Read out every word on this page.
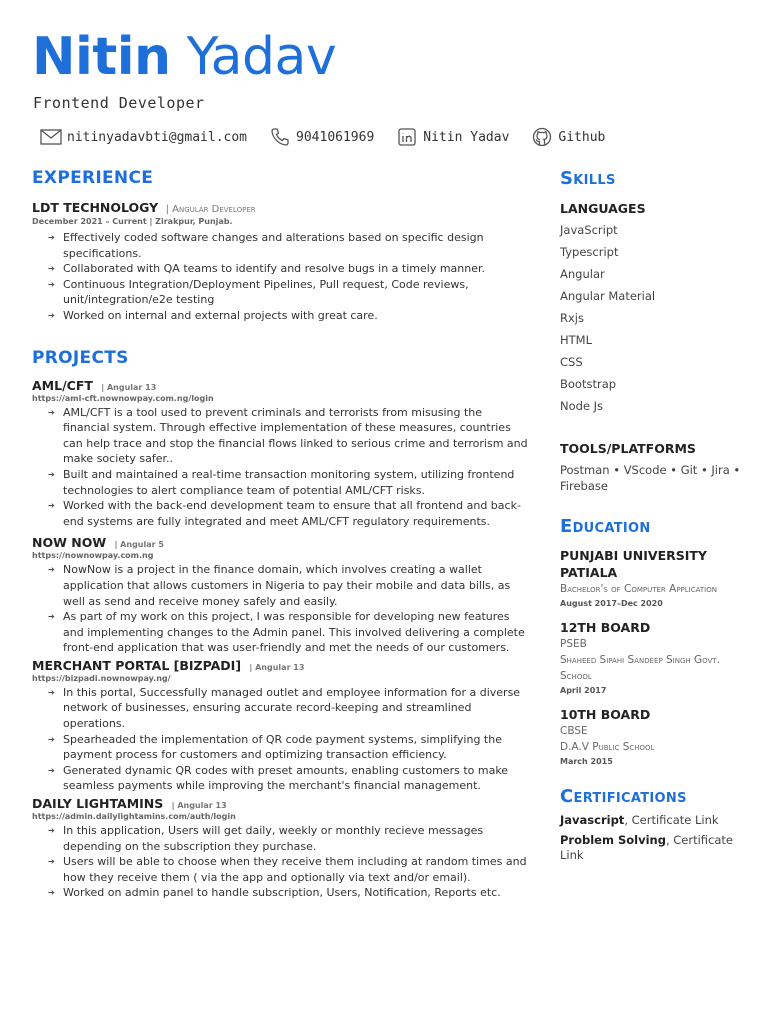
Nitin Yadav
Frontend Developer
nitinyadavbti@gmail.com	9041061969	Nitin Yadav	Github
EXPERIENCE
LDT TECHNOLOGY | Angular Developer
December 2021 – Current | Zirakpur, Punjab.
➔ Effectively coded software changes and alterations based on specific design specifications.
➔ Collaborated with QA teams to identify and resolve bugs in a timely manner.
➔ Continuous Integration/Deployment Pipelines, Pull request, Code reviews, unit/integration/e2e testing
➔ Worked on internal and external projects with great care.
PROJECTS
AML/CFT | Angular 13
https://aml-cft.nownowpay.com.ng/login
➔ AML/CFT is a tool used to prevent criminals and terrorists from misusing the financial system. Through effective implementation of these measures, countries can help trace and stop the financial flows linked to serious crime and terrorism and make society safer..
➔ Built and maintained a real-time transaction monitoring system, utilizing frontend technologies to alert compliance team of potential AML/CFT risks.
➔ Worked with the back-end development team to ensure that all frontend and back-end systems are fully integrated and meet AML/CFT regulatory requirements.
NOW NOW | Angular 5
https://nownowpay.com.ng
➔ NowNow is a project in the finance domain, which involves creating a wallet application that allows customers in Nigeria to pay their mobile and data bills, as well as send and receive money safely and easily.
➔ As part of my work on this project, I was responsible for developing new features and implementing changes to the Admin panel. This involved delivering a complete front-end application that was user-friendly and met the needs of our customers.
MERCHANT PORTAL [BIZPADI] | Angular 13
https://bizpadi.nownowpay.ng/
➔ In this portal, Successfully managed outlet and employee information for a diverse network of businesses, ensuring accurate record-keeping and streamlined operations.
➔ Spearheaded the implementation of QR code payment systems, simplifying the payment process for customers and optimizing transaction efficiency.
➔ Generated dynamic QR codes with preset amounts, enabling customers to make seamless payments while improving the merchant's financial management.
DAILY LIGHTAMINS | Angular 13
https://admin.dailylightamins.com/auth/login
➔ In this application, Users will get daily, weekly or monthly recieve messages depending on the subscription they purchase.
➔ Users will be able to choose when they receive them including at random times and how they receive them ( via the app and optionally via text and/or email).
➔ Worked on admin panel to handle subscription, Users, Notification, Reports etc.
Skills
LANGUAGES
JavaScript
Typescript
Angular
Angular Material
Rxjs
HTML
CSS
Bootstrap
Node Js
TOOLS/PLATFORMS
Postman • VScode • Git • Jira • Firebase
Education
PUNJABI UNIVERSITY PATIALA
Bachelor's of Computer Application
August 2017–Dec 2020
12TH BOARD
PSEB
Shaheed Sipahi Sandeep Singh Govt. School
April 2017
10TH BOARD
CBSE
D.A.V Public School
March 2015
Certifications
Javascript, Certificate Link
Problem Solving, Certificate Link
